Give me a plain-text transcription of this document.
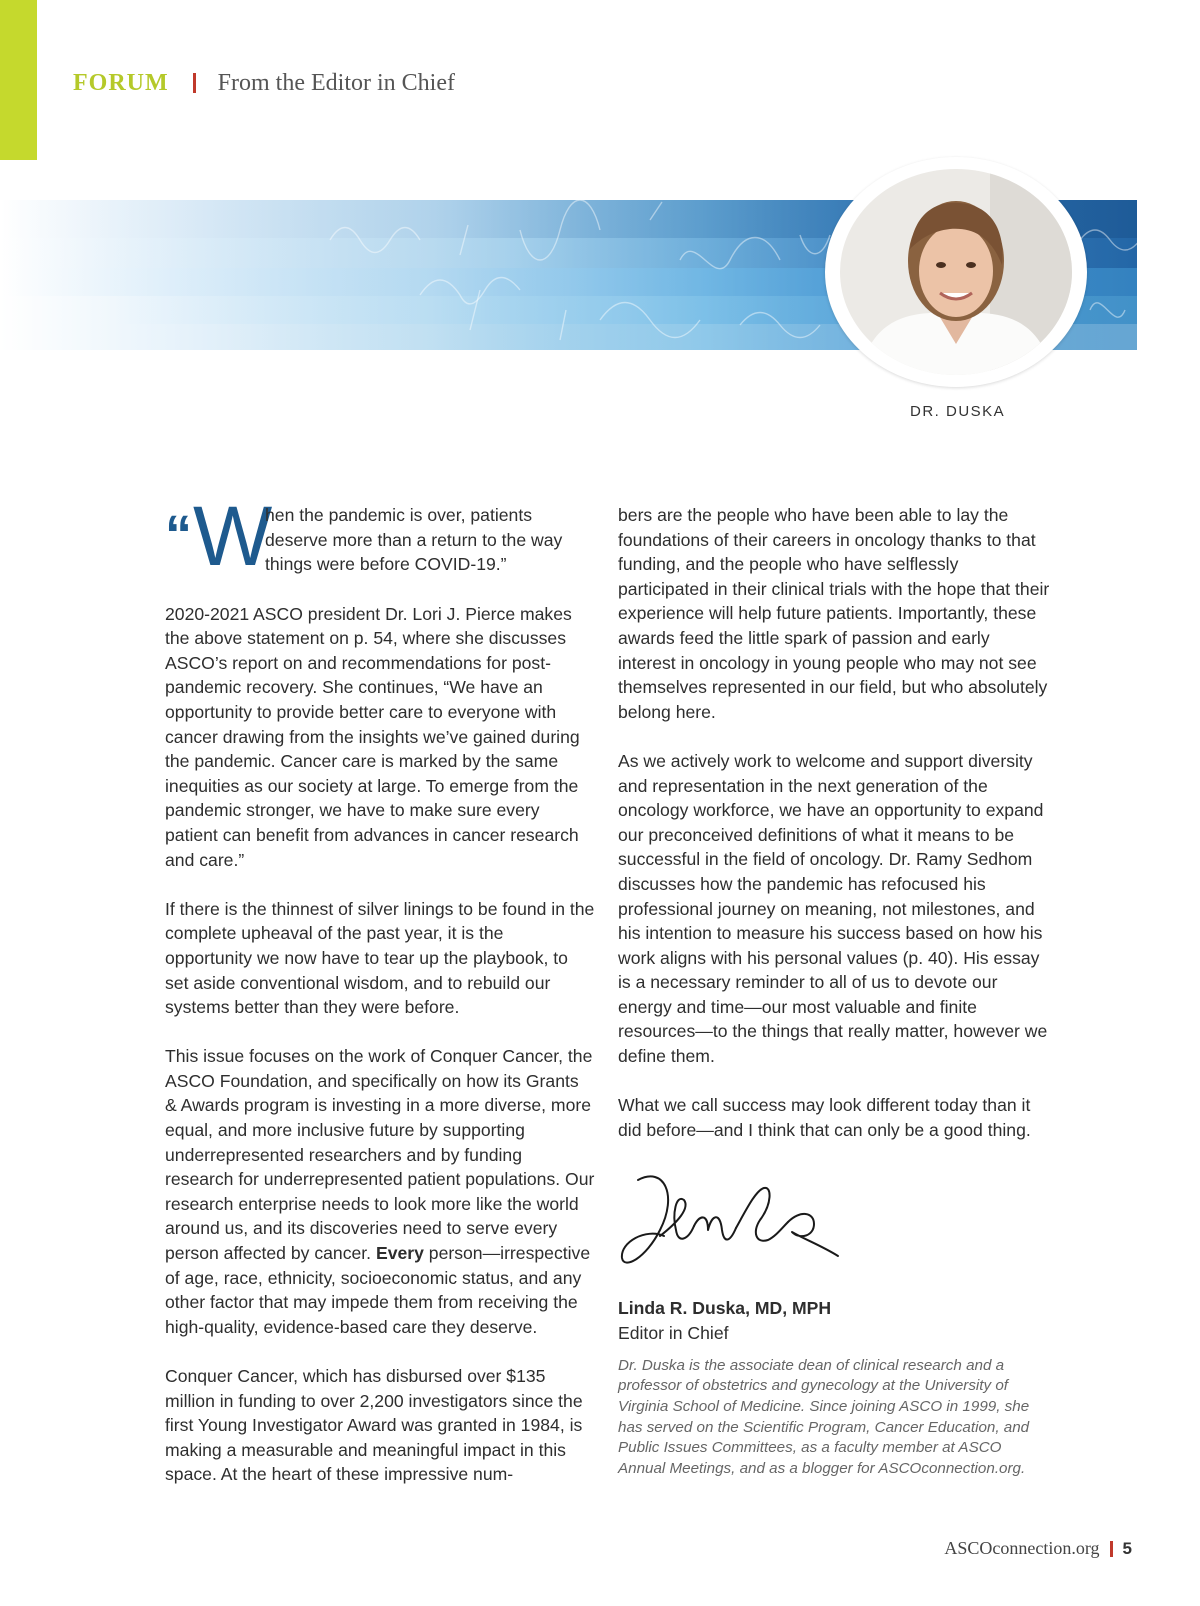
FORUM From the Editor in Chief
DR. DUSKA
“W
hen the pandemic is over, patients deserve more than a return to the way things were before COVID-19.”

2020-2021 ASCO president Dr. Lori J. Pierce makes the above statement on p. 54, where she discusses ASCO’s report on and recommendations for post-pandemic recovery. She continues, “We have an opportunity to provide better care to everyone with cancer drawing from the insights we’ve gained during the pandemic. Cancer care is marked by the same inequities as our society at large. To emerge from the pandemic stronger, we have to make sure every patient can benefit from advances in cancer research and care.”

If there is the thinnest of silver linings to be found in the complete upheaval of the past year, it is the opportunity we now have to tear up the playbook, to set aside conventional wisdom, and to rebuild our systems better than they were before.

This issue focuses on the work of Conquer Cancer, the ASCO Foundation, and specifically on how its Grants & Awards program is investing in a more diverse, more equal, and more inclusive future by supporting underrepresented researchers and by funding research for underrepresented patient populations. Our research enterprise needs to look more like the world around us, and its discoveries need to serve every person affected by cancer. Every person—irrespective of age, race, ethnicity, socioeconomic status, and any other factor that may impede them from receiving the high-quality, evidence-based care they deserve.

Conquer Cancer, which has disbursed over $135 million in funding to over 2,200 investigators since the first Young Investigator Award was granted in 1984, is making a measurable and meaningful impact in this space. At the heart of these impressive num-

bers are the people who have been able to lay the foundations of their careers in oncology thanks to that funding, and the people who have selflessly participated in their clinical trials with the hope that their experience will help future patients. Importantly, these awards feed the little spark of passion and early interest in oncology in young people who may not see themselves represented in our field, but who absolutely belong here.

As we actively work to welcome and support diversity and representation in the next generation of the oncology workforce, we have an opportunity to expand our preconceived definitions of what it means to be successful in the field of oncology. Dr. Ramy Sedhom discusses how the pandemic has refocused his professional journey on meaning, not milestones, and his intention to measure his success based on how his work aligns with his personal values (p. 40). His essay is a necessary reminder to all of us to devote our energy and time—our most valuable and finite resources—to the things that really matter, however we define them.

What we call success may look different today than it did before—and I think that can only be a good thing.

Linda R. Duska, MD, MPH
Editor in Chief
Dr. Duska is the associate dean of clinical research and a professor of obstetrics and gynecology at the University of Virginia School of Medicine. Since joining ASCO in 1999, she has served on the Scientific Program, Cancer Education, and Public Issues Committees, as a faculty member at ASCO Annual Meetings, and as a blogger for ASCOconnection.org.
ASCOconnection.org 5
